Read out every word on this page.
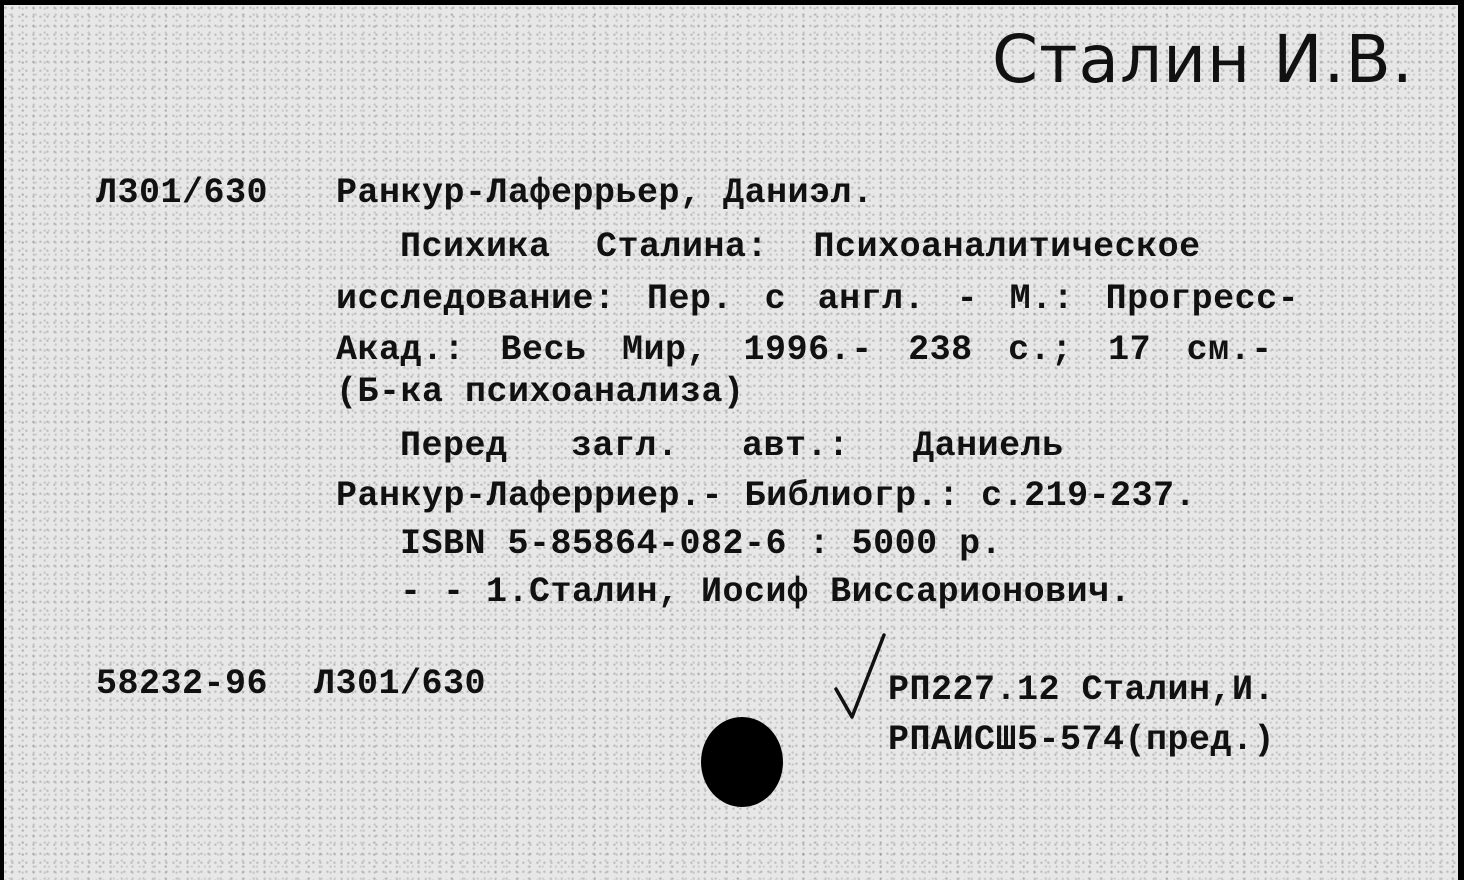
Сталин И.В.
Л301/630 Ранкур-Лаферрьер, Даниэл.
Психика Сталина: Психоаналитическое
исследование: Пер. с англ. - М.: Прогресс-
Акад.: Весь Мир, 1996.- 238 с.; 17 см.-
(Б-ка психоанализа)
Перед загл. авт.: Даниель
Ранкур-Лаферриер.- Библиогр.: с.219-237.
ISBN 5-85864-082-6 : 5000 р.
- - 1.Сталин, Иосиф Виссарионович.
58232-96 Л301/630	РП227.12 Сталин,И.
РПАИСШ5-574(пред.)
